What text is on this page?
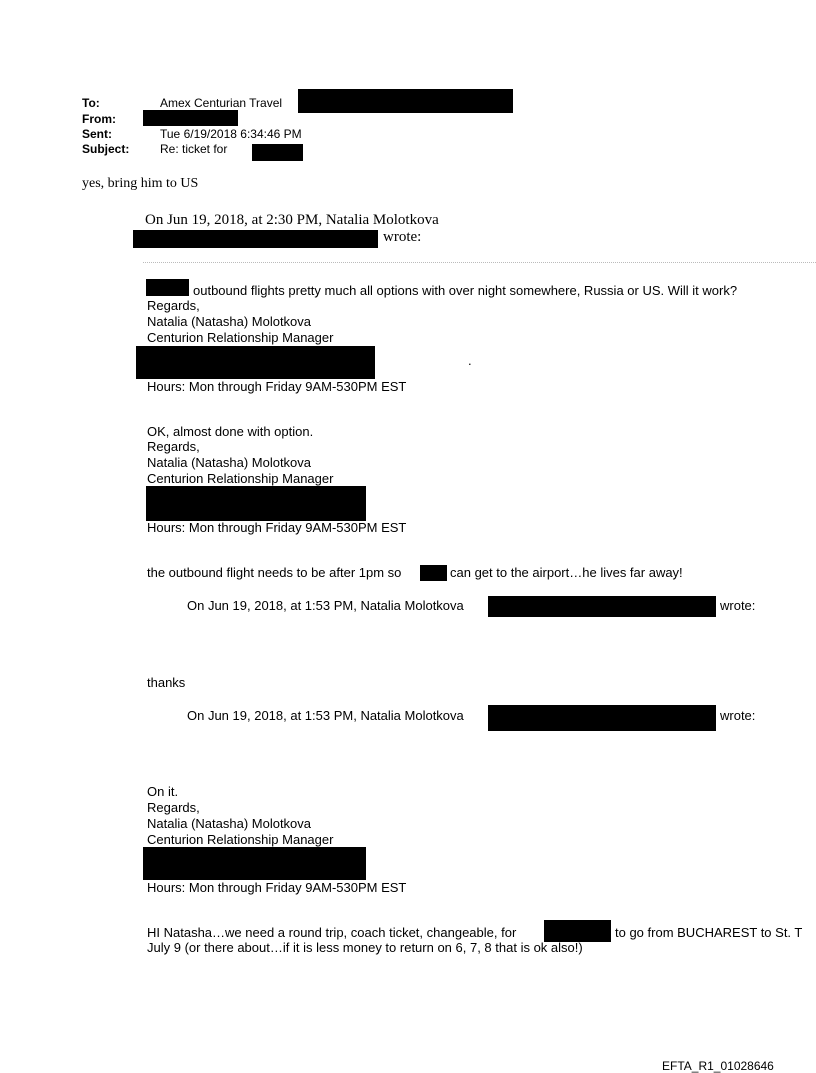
To:	Amex Centurian Travel
From:
Sent:	Tue 6/19/2018 6:34:46 PM
Subject:	Re: ticket for
yes, bring him to US
On Jun 19, 2018, at 2:30 PM, Natalia Molotkova
wrote:
outbound flights pretty much all options with over night somewhere, Russia or US. Will it work?
Regards,
Natalia (Natasha) Molotkova
Centurion Relationship Manager
.
Hours: Mon through Friday 9AM-530PM EST
OK, almost done with option.
Regards,
Natalia (Natasha) Molotkova
Centurion Relationship Manager
Hours: Mon through Friday 9AM-530PM EST
the outbound flight needs to be after 1pm so	can get to the airport…he lives far away!
On Jun 19, 2018, at 1:53 PM, Natalia Molotkova	wrote:
thanks
On Jun 19, 2018, at 1:53 PM, Natalia Molotkova	wrote:
On it.
Regards,
Natalia (Natasha) Molotkova
Centurion Relationship Manager
Hours: Mon through Friday 9AM-530PM EST
HI Natasha…we need a round trip, coach ticket, changeable, for	to go from BUCHAREST to St. T
July 9 (or there about…if it is less money to return on 6, 7, 8 that is ok also!)
EFTA_R1_01028646
